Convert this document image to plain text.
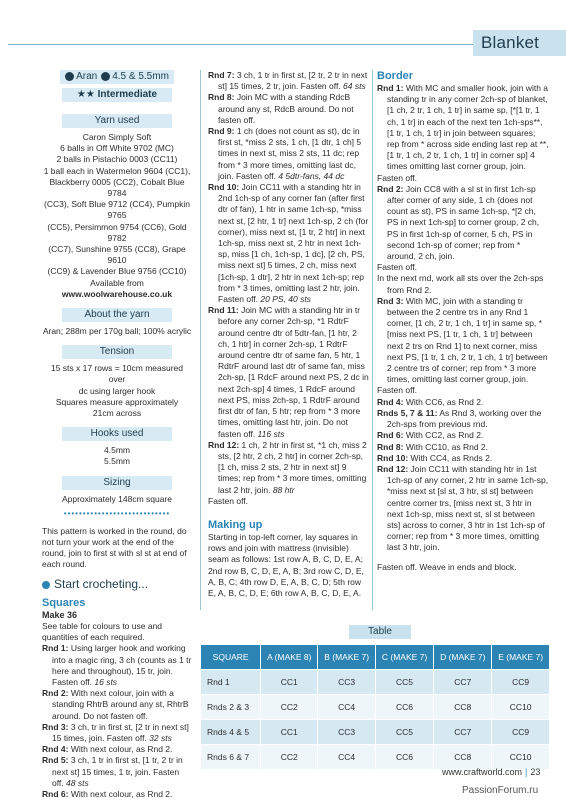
Blanket
Aran 4.5 & 5.5mm
★★ Intermediate
Yarn used

Caron Simply Soft

6 balls in Off White 9702 (MC)

2 balls in Pistachio 0003 (CC11)

1 ball each in Watermelon 9604 (CC1),

Blackberry 0005 (CC2), Cobalt Blue 9784

(CC3), Soft Blue 9712 (CC4), Pumpkin 9765

(CC5), Persimmon 9754 (CC6), Gold 9782

(CC7), Sunshine 9755 (CC8), Grape 9610

(CC9) & Lavender Blue 9756 (CC10)

Available from

www.woolwarehouse.co.uk

About the yarn

Aran; 288m per 170g ball; 100% acrylic

Tension

15 sts x 17 rows = 10cm measured over

dc using larger hook

Squares measure approximately

21cm across

Hooks used

4.5mm

5.5mm

Sizing

Approximately 148cm square

••••••••••••••••••••••••••••

This pattern is worked in the round, do not turn your work at the end of the round, join to first st with sl st at end of each round.

Start crocheting...
Squares

Make 36

See table for colours to use and quantities of each required.

Rnd 1: Using larger hook and working into a magic ring, 3 ch (counts as 1 tr here and throughout), 15 tr, join. Fasten off. 16 sts

Rnd 2: With next colour, join with a standing RhtrB around any st, RhtrB around. Do not fasten off.

Rnd 3: 3 ch, tr in first st, [2 tr in next st] 15 times, join. Fasten off. 32 sts

Rnd 4: With next colour, as Rnd 2.

Rnd 5: 3 ch, 1 tr in first st, [1 tr, 2 tr in next st] 15 times, 1 tr, join. Fasten off. 48 sts

Rnd 6: With next colour, as Rnd 2.

Rnd 7: 3 ch, 1 tr in first st, [2 tr, 2 tr in next st] 15 times, 2 tr, join. Fasten off. 64 sts

Rnd 8: Join MC with a standing RdcB around any st, RdcB around. Do not fasten off.

Rnd 9: 1 ch (does not count as st), dc in first st, *miss 2 sts, 1 ch, [1 dtr, 1 ch] 5 times in next st, miss 2 sts, 11 dc; rep from * 3 more times, omitting last dc, join. Fasten off. 4 5dtr-fans, 44 dc

Rnd 10: Join CC11 with a standing htr in 2nd 1ch-sp of any corner fan (after first dtr of fan), 1 htr in same 1ch-sp, *miss next st, [2 htr, 1 tr] next 1ch-sp, 2 ch (for corner), miss next st, [1 tr, 2 htr] in next 1ch-sp, miss next st, 2 htr in next 1ch-sp, miss [1 ch, 1ch-sp, 1 dc], [2 ch, PS, miss next st] 5 times, 2 ch, miss next [1ch-sp, 1 dtr], 2 htr in next 1ch-sp; rep from * 3 times, omitting last 2 htr, join. Fasten off. 20 PS, 40 sts

Rnd 11: Join MC with a standing htr in tr before any corner 2ch-sp, *1 RdtrF around centre dtr of 5dtr-fan, [1 htr, 2 ch, 1 htr] in corner 2ch-sp, 1 RdtrF around centre dtr of same fan, 5 htr, 1 RdtrF around last dtr of same fan, miss 2ch-sp, [1 RdcF around next PS, 2 dc in next 2ch-sp] 4 times, 1 RdcF around next PS, miss 2ch-sp, 1 RdtrF around first dtr of fan, 5 htr; rep from * 3 more times, omitting last htr, join. Do not fasten off. 116 sts

Rnd 12: 1 ch, 2 htr in first st, *1 ch, miss 2 sts, [2 htr, 2 ch, 2 htr] in corner 2ch-sp, [1 ch, miss 2 sts, 2 htr in next st] 9 times; rep from * 3 more times, omitting last 2 htr, join. 88 htr

Fasten off.

Making up

Starting in top-left corner, lay squares in rows and join with mattress (invisible) seam as follows: 1st row A, B, C, D, E, A; 2nd row B, C, D, E, A, B; 3rd row C, D, E, A, B, C; 4th row D, E, A, B, C, D; 5th row E, A, B, C, D, E; 6th row A, B, C, D, E, A.

Border

Rnd 1: With MC and smaller hook, join with a standing tr in any corner 2ch-sp of blanket, [1 ch, 2 tr, 1 ch, 1 tr] in same sp, [*[1 tr, 1 ch, 1 tr] in each of the next ten 1ch-sps**, [1 tr, 1 ch, 1 tr] in join between squares; rep from * across side ending last rep at **, [1 tr, 1 ch, 2 tr, 1 ch, 1 tr] in corner sp] 4 times omitting last corner group, join.

Fasten off.

Rnd 2: Join CC8 with a sl st in first 1ch-sp after corner of any side, 1 ch (does not count as st), PS in same 1ch-sp, *[2 ch, PS in next 1ch-sp] to corner group, 2 ch, PS in first 1ch-sp of corner, 5 ch, PS in second 1ch-sp of corner; rep from * around, 2 ch, join.

Fasten off.

In the next rnd, work all sts over the 2ch-sps from Rnd 2.

Rnd 3: With MC, join with a standing tr between the 2 centre trs in any Rnd 1 corner, [1 ch, 2 tr, 1 ch, 1 tr] in same sp, *[miss next PS, [1 tr, 1 ch, 1 tr] between next 2 trs on Rnd 1] to next corner, miss next PS, [1 tr, 1 ch, 2 tr, 1 ch, 1 tr] between 2 centre trs of corner; rep from * 3 more times, omitting last corner group, join.

Fasten off.

Rnd 4: With CC6, as Rnd 2.

Rnds 5, 7 & 11: As Rnd 3, working over the 2ch-sps from previous rnd.

Rnd 6: With CC2, as Rnd 2.

Rnd 8: With CC10, as Rnd 2.

Rnd 10: With CC4, as Rnds 2.

Rnd 12: Join CC11 with standing htr in 1st 1ch-sp of any corner, 2 htr in same 1ch-sp, *miss next st [sl st, 3 htr, sl st] between centre corner trs, [miss next st, 3 htr in next 1ch-sp, miss next st, sl st between sts] across to corner, 3 htr in 1st 1ch-sp of corner; rep from * 3 more times, omitting last 3 htr, join.

Fasten off. Weave in ends and block.

Table
SQUARE	A (MAKE 8)	B (MAKE 7)	C (MAKE 7)	D (MAKE 7)	E (MAKE 7)
Rnd 1	CC1	CC3	CC5	CC7	CC9
Rnds 2 & 3	CC2	CC4	CC6	CC8	CC10
Rnds 4 & 5	CC1	CC3	CC5	CC7	CC9
Rnds 6 & 7	CC2	CC4	CC6	CC8	CC10
www.craftworld.com | 23
PassionForum.ru
